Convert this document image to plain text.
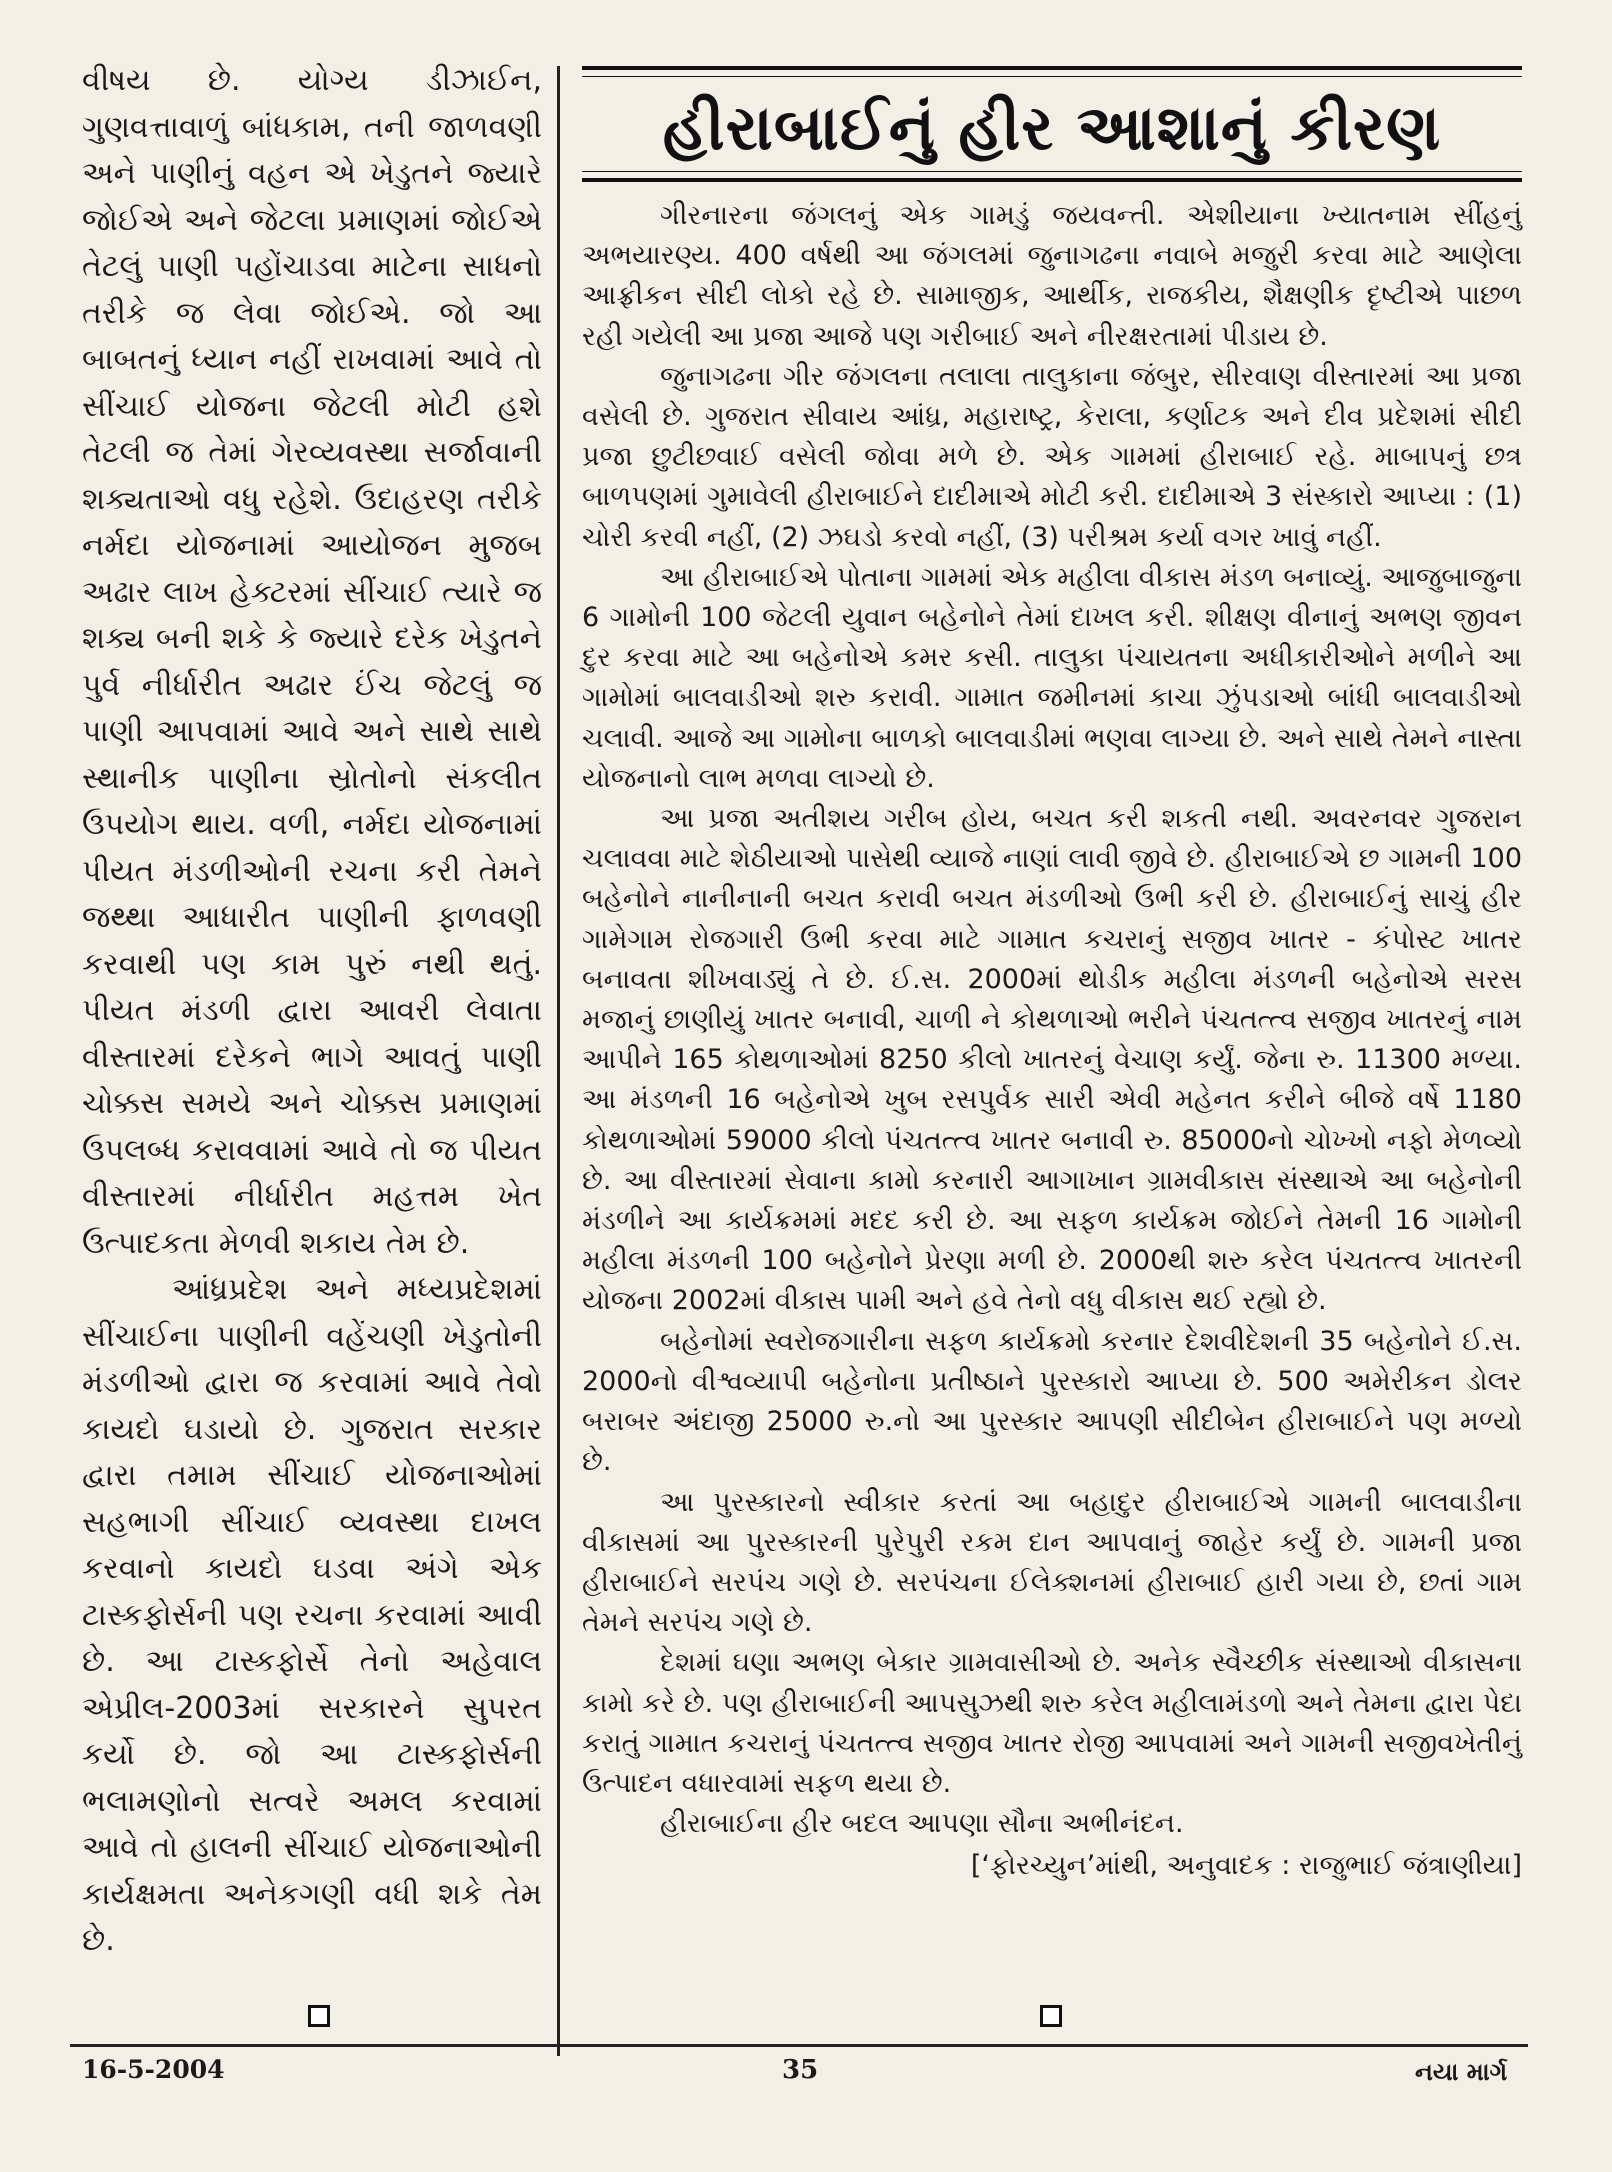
વીષય છે. યોગ્ય ડીઝાઈન, ગુણવત્તાવાળું બાંધકામ, તની જાળવણી અને પાણીનું વહન એ ખેડુતને જ્યારે જોઈએ અને જેટલા પ્રમાણમાં જોઈએ તેટલું પાણી પહોંચાડવા માટેના સાધનો તરીકે જ લેવા જોઈએ. જો આ બાબતનું ધ્યાન નહીં રાખવામાં આવે તો સીંચાઈ યોજના જેટલી મોટી હશે તેટલી જ તેમાં ગેરવ્યવસ્થા સર્જાવાની શક્યતાઓ વધુ રહેશે. ઉદાહરણ તરીકે નર્મદા યોજનામાં આયોજન મુજબ અઢાર લાખ હેક્ટરમાં સીંચાઈ ત્યારે જ શક્ય બની શકે કે જ્યારે દરેક ખેડુતને પુર્વ નીર્ધારીત અઢાર ઈંચ જેટલું જ પાણી આપવામાં આવે અને સાથે સાથે સ્થાનીક પાણીના સ્રોતોનો સંકલીત ઉપયોગ થાય. વળી, નર્મદા યોજનામાં પીયત મંડળીઓની રચના કરી તેમને જથ્થા આધારીત પાણીની ફાળવણી કરવાથી પણ કામ પુરું નથી થતું. પીયત મંડળી દ્વારા આવરી લેવાતા વીસ્તારમાં દરેકને ભાગે આવતું પાણી ચોક્કસ સમયે અને ચોક્કસ પ્રમાણમાં ઉપલબ્ધ કરાવવામાં આવે તો જ પીયત વીસ્તારમાં નીર્ધારીત મહત્તમ ખેત ઉત્પાદકતા મેળવી શકાય તેમ છે.

આંધ્રપ્રદેશ અને મધ્યપ્રદેશમાં સીંચાઈના પાણીની વહેંચણી ખેડુતોની મંડળીઓ દ્વારા જ કરવામાં આવે તેવો કાયદો ઘડાયો છે. ગુજરાત સરકાર દ્વારા તમામ સીંચાઈ યોજનાઓમાં સહભાગી સીંચાઈ વ્યવસ્થા દાખલ કરવાનો કાયદો ઘડવા અંગે એક ટાસ્કફોર્સની પણ રચના કરવામાં આવી છે. આ ટાસ્કફોર્સે તેનો અહેવાલ એપ્રીલ-2003માં સરકારને સુપરત કર્યો છે. જો આ ટાસ્કફોર્સની ભલામણોનો સત્વરે અમલ કરવામાં આવે તો હાલની સીંચાઈ યોજનાઓની કાર્યક્ષમતા અનેકગણી વધી શકે તેમ છે.

હીરાબાઈનું હીર આશાનું કીરણ

ગીરનારના જંગલનું એક ગામડું જયવન્તી. એશીયાના ખ્યાતનામ સીંહનું અભયારણ્ય. 400 વર્ષથી આ જંગલમાં જુનાગઢના નવાબે મજુરી કરવા માટે આણેલા આફ્રીકન સીદી લોકો રહે છે. સામાજીક, આર્થીક, રાજકીય, શૈક્ષણીક દૃષ્ટીએ પાછળ રહી ગયેલી આ પ્રજા આજે પણ ગરીબાઈ અને નીરક્ષરતામાં પીડાય છે.

જુનાગઢના ગીર જંગલના તલાલા તાલુકાના જંબુર, સીરવાણ વીસ્તારમાં આ પ્રજા વસેલી છે. ગુજરાત સીવાય આંધ્ર, મહારાષ્ટ્ર, કેરાલા, કર્ણાટક અને દીવ પ્રદેશમાં સીદી પ્રજા છુટીછવાઈ વસેલી જોવા મળે છે. એક ગામમાં હીરાબાઈ રહે. માબાપનું છત્ર બાળપણમાં ગુમાવેલી હીરાબાઈને દાદીમાએ મોટી કરી. દાદીમાએ 3 સંસ્કારો આપ્યા : (1) ચોરી કરવી નહીં, (2) ઝઘડો કરવો નહીં, (3) પરીશ્રમ કર્યા વગર ખાવું નહીં.

આ હીરાબાઈએ પોતાના ગામમાં એક મહીલા વીકાસ મંડળ બનાવ્યું. આજુબાજુના 6 ગામોની 100 જેટલી યુવાન બહેનોને તેમાં દાખલ કરી. શીક્ષણ વીનાનું અભણ જીવન દુર કરવા માટે આ બહેનોએ કમર કસી. તાલુકા પંચાયતના અધીકારીઓને મળીને આ ગામોમાં બાલવાડીઓ શરુ કરાવી. ગામાત જમીનમાં કાચા ઝુંપડાઓ બાંધી બાલવાડીઓ ચલાવી. આજે આ ગામોના બાળકો બાલવાડીમાં ભણવા લાગ્યા છે. અને સાથે તેમને નાસ્તા યોજનાનો લાભ મળવા લાગ્યો છે.

આ પ્રજા અતીશય ગરીબ હોય, બચત કરી શકતી નથી. અવરનવર ગુજરાન ચલાવવા માટે શેઠીયાઓ પાસેથી વ્યાજે નાણાં લાવી જીવે છે. હીરાબાઈએ છ ગામની 100 બહેનોને નાનીનાની બચત કરાવી બચત મંડળીઓ ઉભી કરી છે. હીરાબાઈનું સાચું હીર ગામેગામ રોજગારી ઉભી કરવા માટે ગામાત કચરાનું સજીવ ખાતર - કંપોસ્ટ ખાતર બનાવતા શીખવાડ્યું તે છે. ઈ.સ. 2000માં થોડીક મહીલા મંડળની બહેનોએ સરસ મજાનું છાણીયું ખાતર બનાવી, ચાળી ને કોથળાઓ ભરીને પંચતત્ત્વ સજીવ ખાતરનું નામ આપીને 165 કોથળાઓમાં 8250 કીલો ખાતરનું વેચાણ કર્યું. જેના રુ. 11300 મળ્યા. આ મંડળની 16 બહેનોએ ખુબ રસપુર્વક સારી એવી મહેનત કરીને બીજે વર્ષે 1180 કોથળાઓમાં 59000 કીલો પંચતત્ત્વ ખાતર બનાવી રુ. 85000નો ચોખ્ખો નફો મેળવ્યો છે. આ વીસ્તારમાં સેવાના કામો કરનારી આગાખાન ગ્રામવીકાસ સંસ્થાએ આ બહેનોની મંડળીને આ કાર્યક્રમમાં મદદ કરી છે. આ સફળ કાર્યક્રમ જોઈને તેમની 16 ગામોની મહીલા મંડળની 100 બહેનોને પ્રેરણા મળી છે. 2000થી શરુ કરેલ પંચતત્ત્વ ખાતરની યોજના 2002માં વીકાસ પામી અને હવે તેનો વધુ વીકાસ થઈ રહ્યો છે.

બહેનોમાં સ્વરોજગારીના સફળ કાર્યક્રમો કરનાર દેશવીદેશની 35 બહેનોને ઈ.સ. 2000નો વીશ્વવ્યાપી બહેનોના પ્રતીષ્ઠાને પુરસ્કારો આપ્યા છે. 500 અમેરીકન ડોલર બરાબર અંદાજી 25000 રુ.નો આ પુરસ્કાર આપણી સીદીબેન હીરાબાઈને પણ મળ્યો છે.

આ પુરસ્કારનો સ્વીકાર કરતાં આ બહાદુર હીરાબાઈએ ગામની બાલવાડીના વીકાસમાં આ પુરસ્કારની પુરેપુરી રકમ દાન આપવાનું જાહેર કર્યું છે. ગામની પ્રજા હીરાબાઈને સરપંચ ગણે છે. સરપંચના ઈલેક્શનમાં હીરાબાઈ હારી ગયા છે, છતાં ગામ તેમને સરપંચ ગણે છે.

દેશમાં ઘણા અભણ બેકાર ગ્રામવાસીઓ છે. અનેક સ્વૈચ્છીક સંસ્થાઓ વીકાસના કામો કરે છે. પણ હીરાબાઈની આપસુઝથી શરુ કરેલ મહીલામંડળો અને તેમના દ્વારા પેદા કરાતું ગામાત કચરાનું પંચતત્ત્વ સજીવ ખાતર રોજી આપવામાં અને ગામની સજીવખેતીનું ઉત્પાદન વધારવામાં સફળ થયા છે.

હીરાબાઈના હીર બદલ આપણા સૌના અભીનંદન.

[‘ફોરચ્યુન’માંથી, અનુવાદક : રાજુભાઈ જંત્રાણીયા]
16-5-2004	35	નયા માર્ગ
